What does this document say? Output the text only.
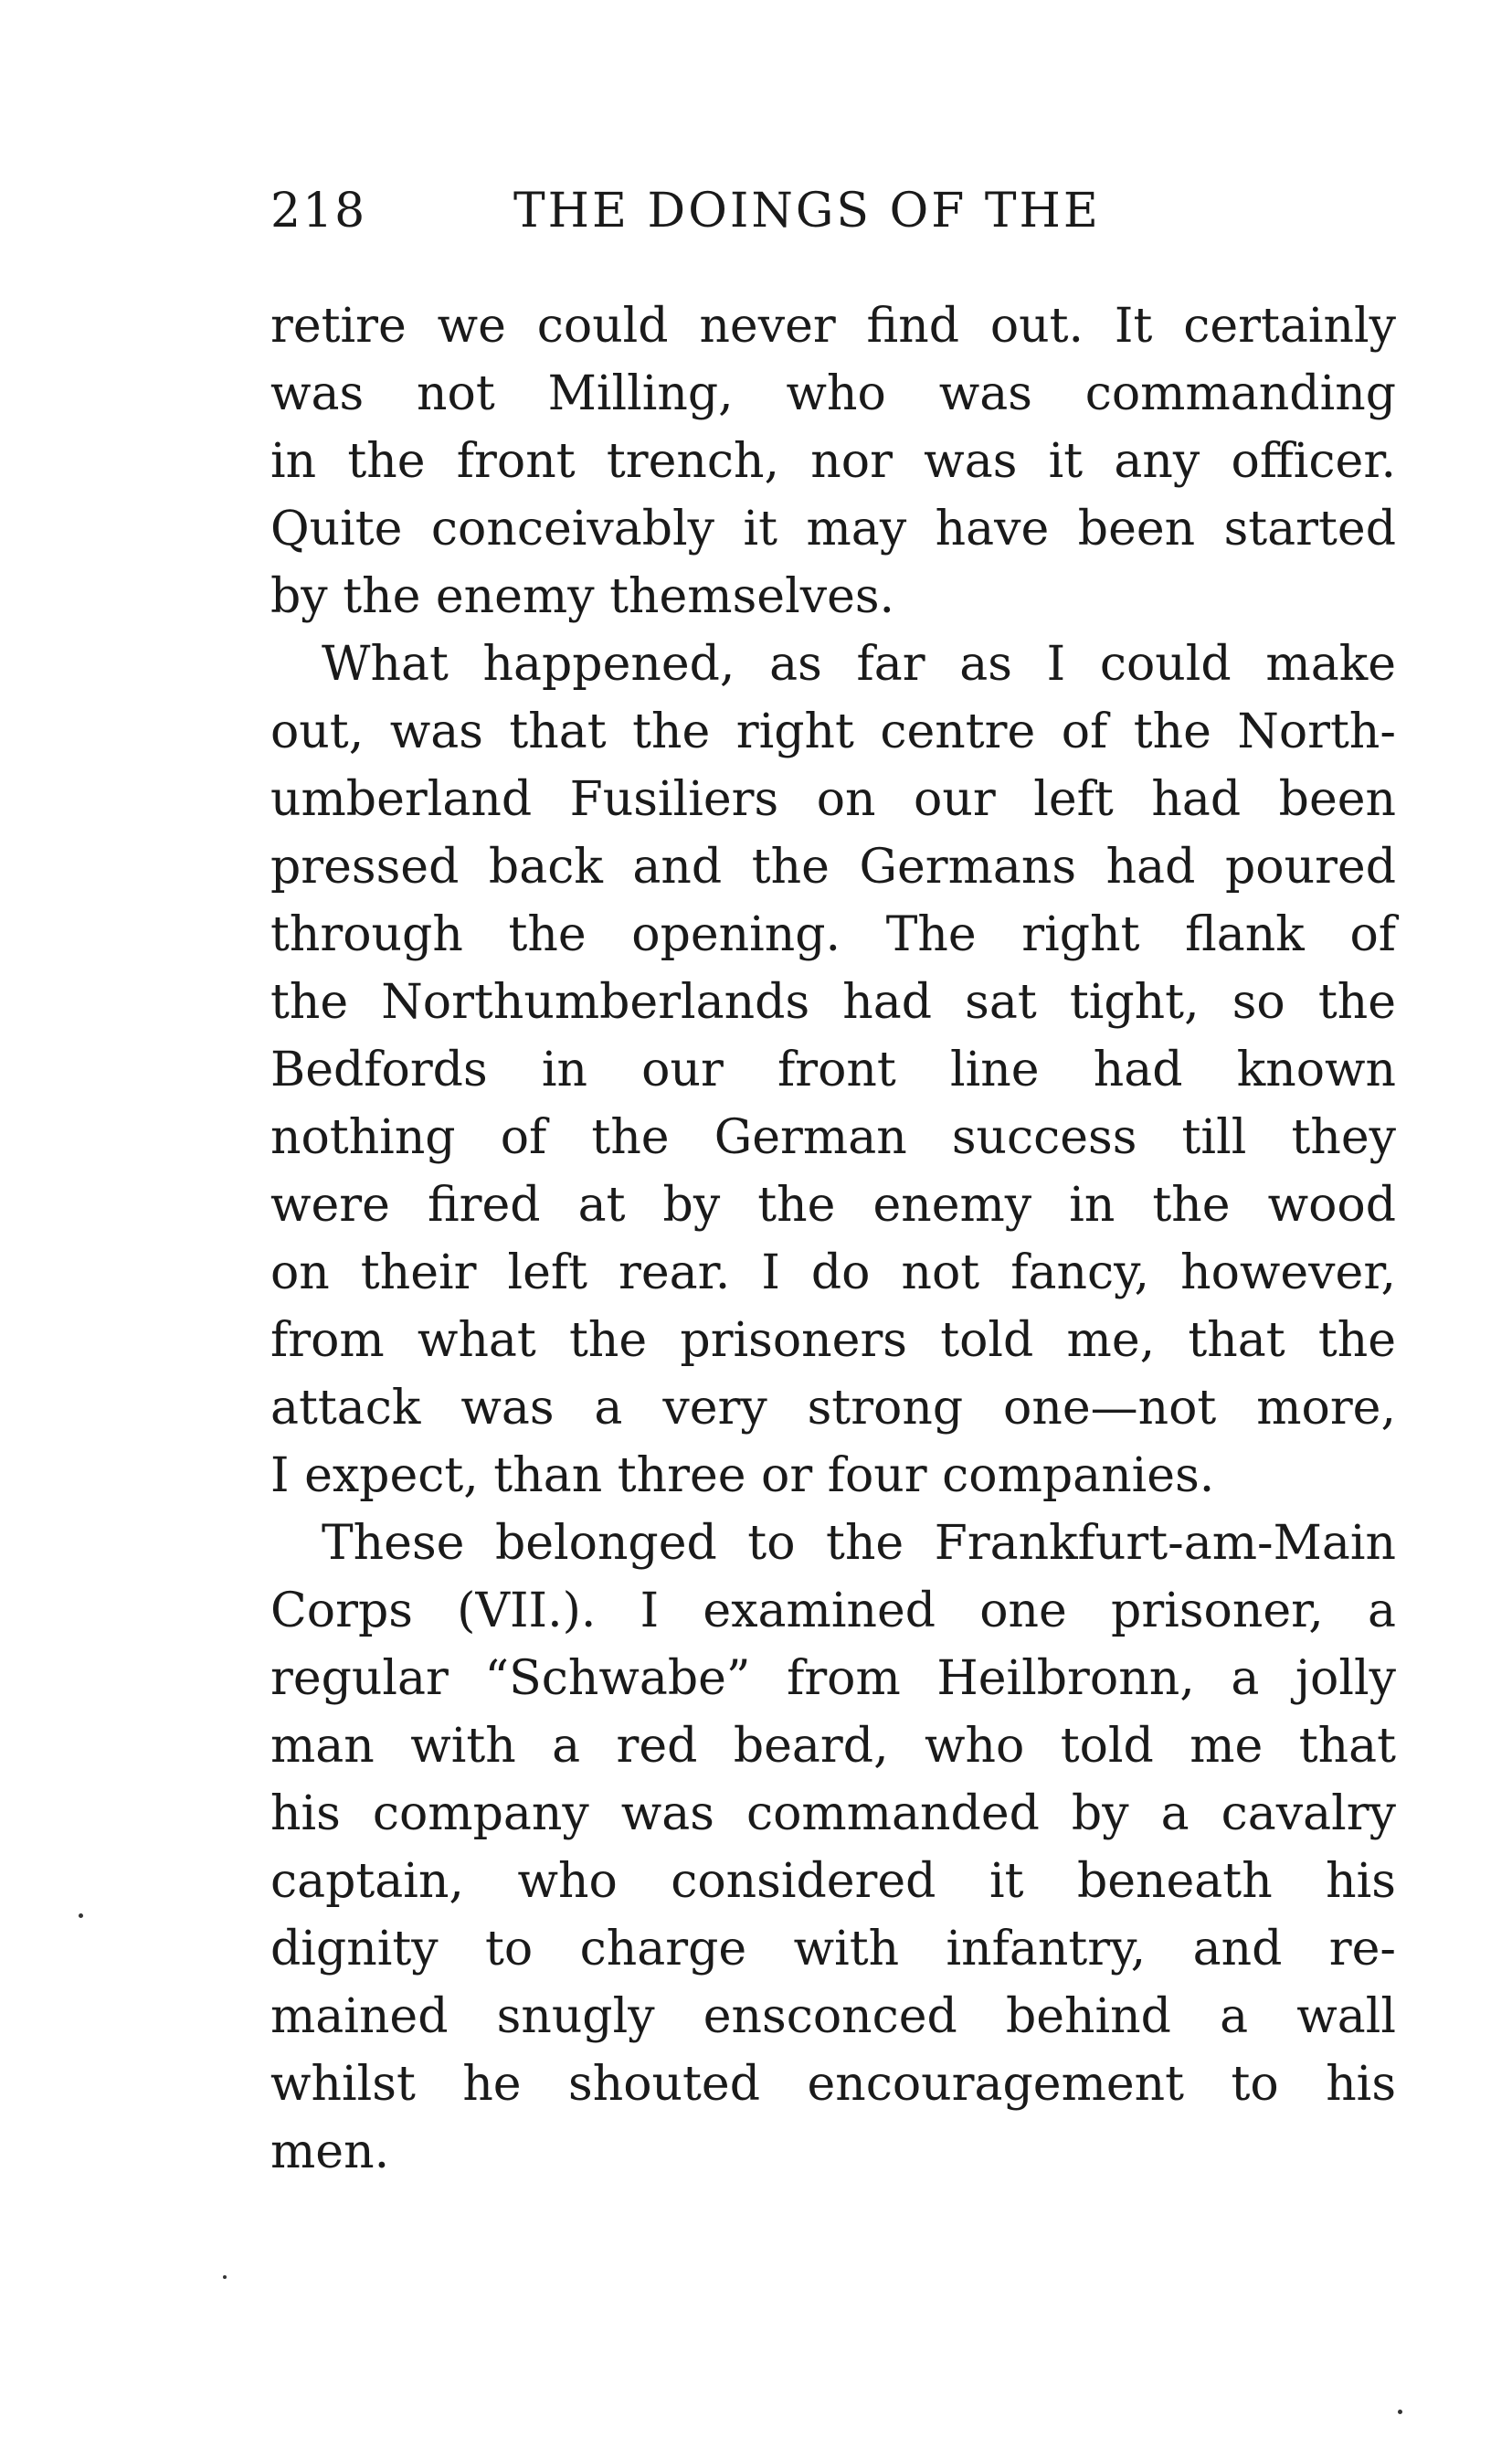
218	THE DOINGS OF THE
retire we could never find out. It certainly
was not Milling, who was commanding
in the front trench, nor was it any officer.
Quite conceivably it may have been started
by the enemy themselves.
What happened, as far as I could make
out, was that the right centre of the North-
umberland Fusiliers on our left had been
pressed back and the Germans had poured
through the opening. The right flank of
the Northumberlands had sat tight, so the
Bedfords in our front line had known
nothing of the German success till they
were fired at by the enemy in the wood
on their left rear. I do not fancy, however,
from what the prisoners told me, that the
attack was a very strong one—not more,
I expect, than three or four companies.
These belonged to the Frankfurt-am-Main
Corps (VII.). I examined one prisoner, a
regular “Schwabe” from Heilbronn, a jolly
man with a red beard, who told me that
his company was commanded by a cavalry
captain, who considered it beneath his
dignity to charge with infantry, and re-
mained snugly ensconced behind a wall
whilst he shouted encouragement to his
men.
